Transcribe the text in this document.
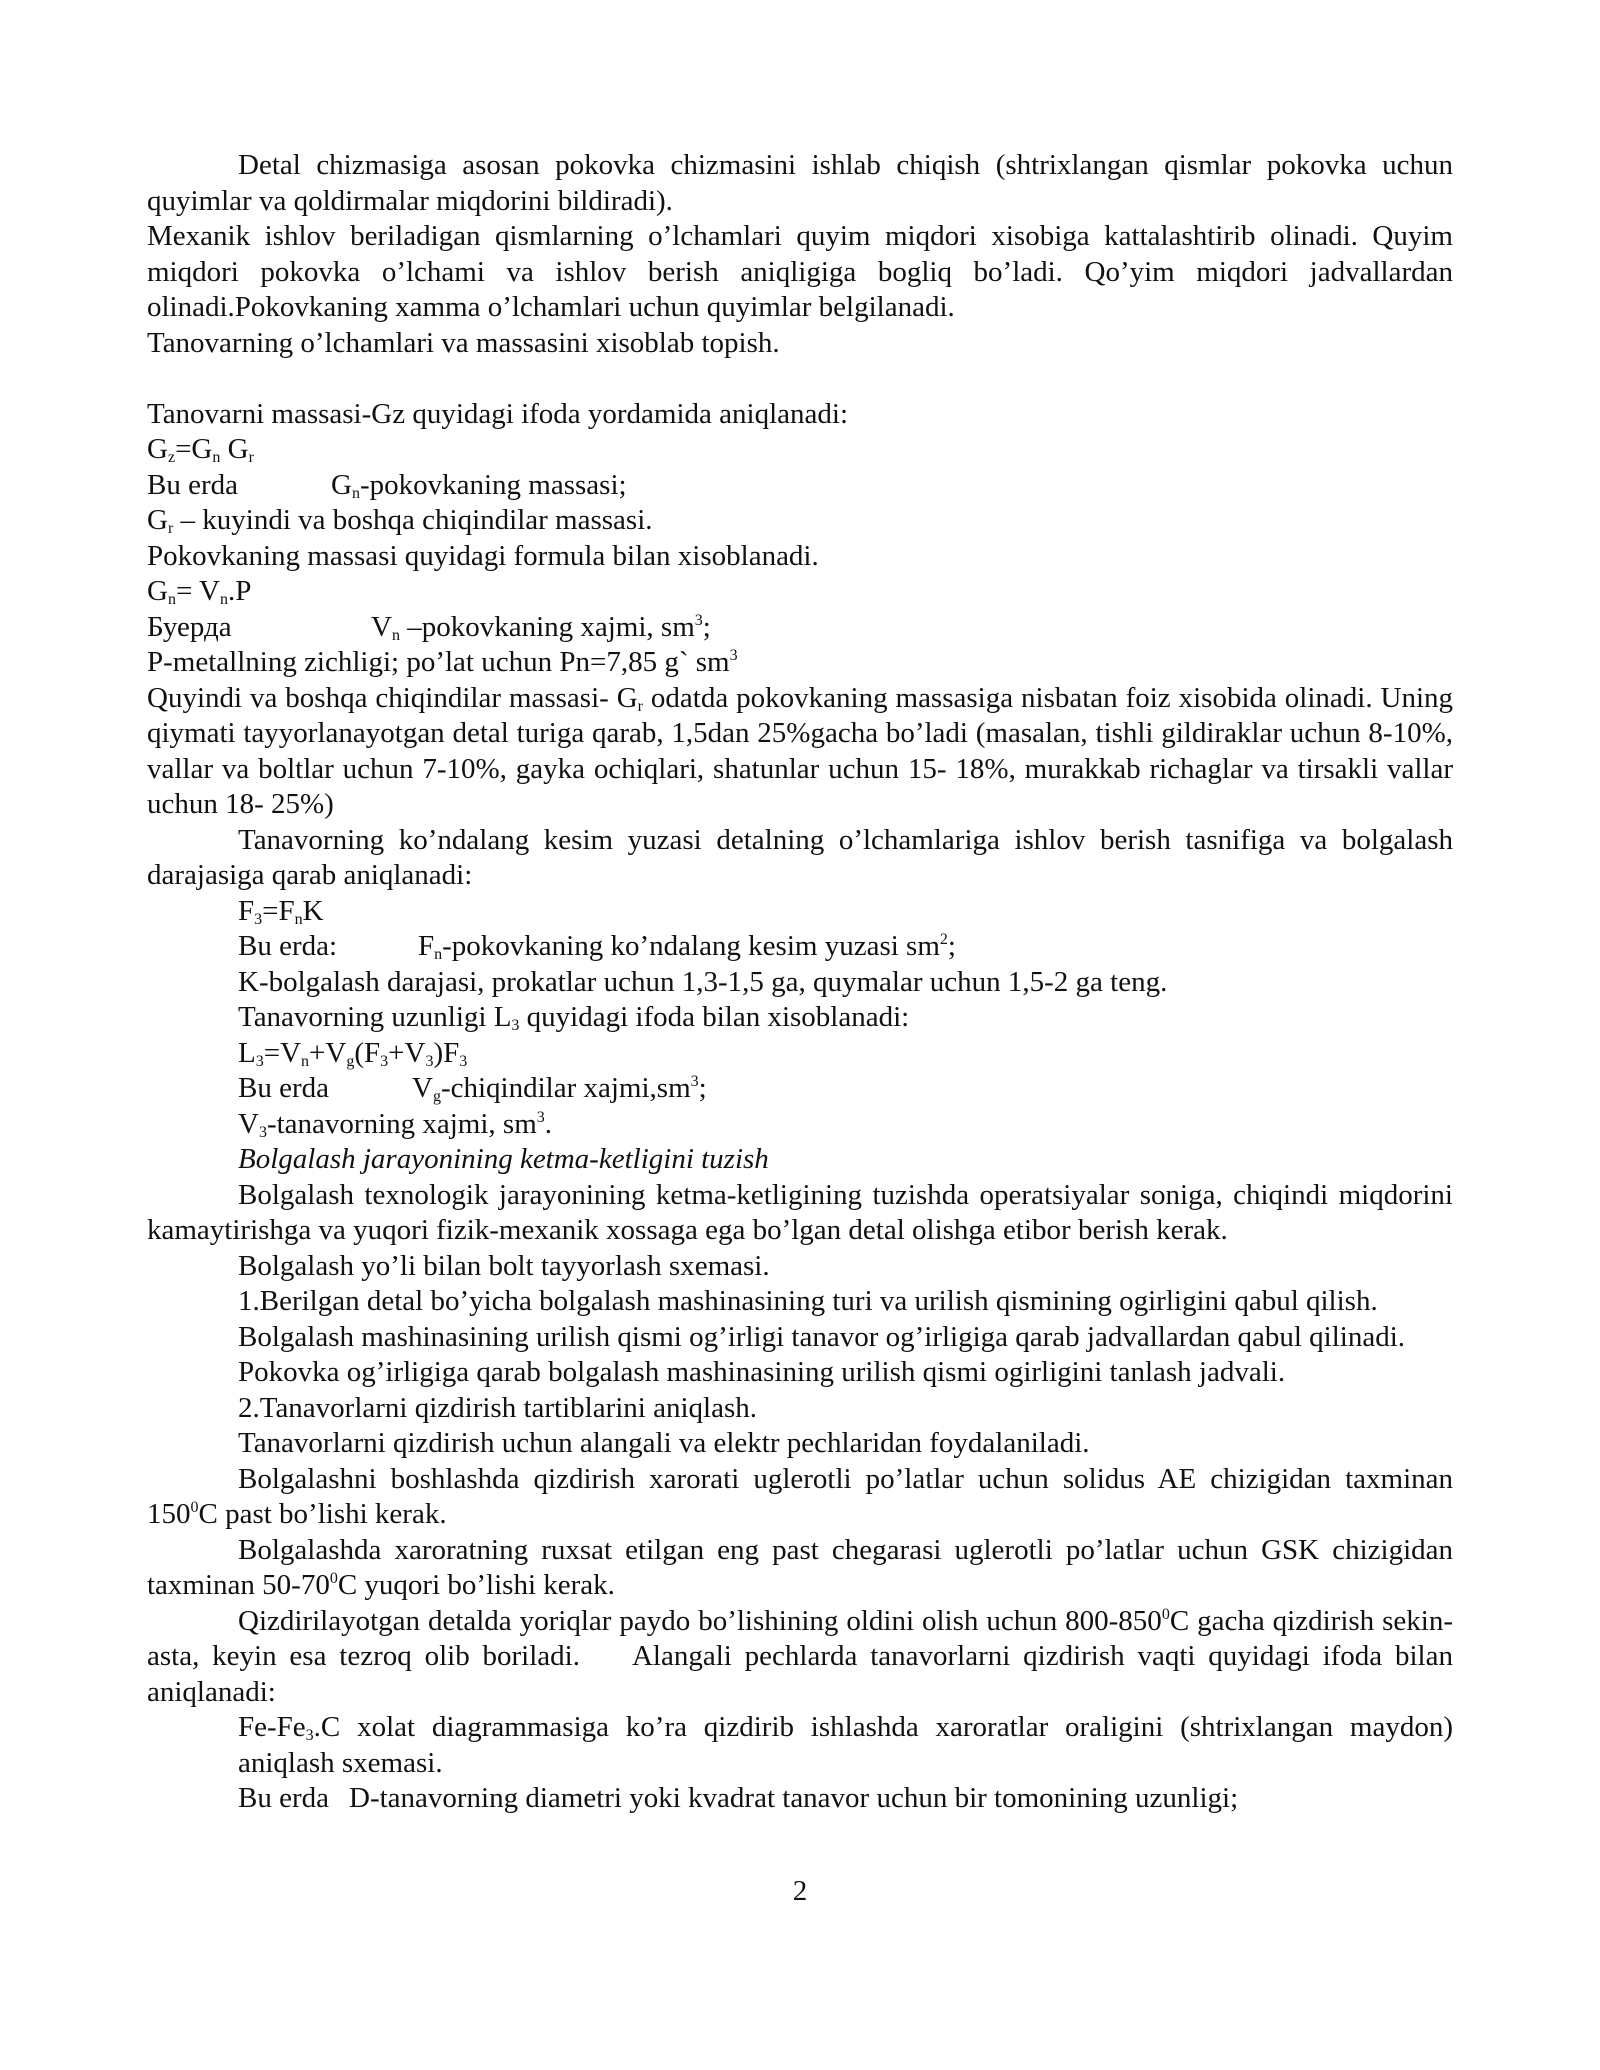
Detal chizmasiga asosan pokovka chizmasini ishlab chiqish (shtrixlangan qismlar pokovka uchun quyimlar va qoldirmalar miqdorini bildiradi).

Mexanik ishlov beriladigan qismlarning o’lchamlari quyim miqdori xisobiga kattalashtirib olinadi. Quyim miqdori pokovka o’lchami va ishlov berish aniqligiga bogliq bo’ladi. Qo’yim miqdori jadvallardan olinadi.Pokovkaning xamma o’lchamlari uchun quyimlar belgilanadi.

Tanovarning o’lchamlari va massasini xisoblab topish.

Tanovarni massasi-Gz quyidagi ifoda yordamida aniqlanadi:

$G_z=G_n$ $G_r$

Bu erda	$G_n$-pokovkaning massasi;

$G_r$ – kuyindi va boshqa chiqindilar massasi.

Pokovkaning massasi quyidagi formula bilan xisoblanadi.

$G_n= V_n.P$

Буерда	$V_n$ –pokovkaning xajmi, $sm^3$;

P-metallning zichligi; po’lat uchun Pn=7,85 g` $sm^3$

Quyindi va boshqa chiqindilar massasi- $G_r$ odatda pokovkaning massasiga nisbatan foiz xisobida olinadi. Uning qiymati tayyorlanayotgan detal turiga qarab, 1,5dan 25%gacha bo’ladi (masalan, tishli gildiraklar uchun 8-10%, vallar va boltlar uchun 7-10%, gayka ochiqlari, shatunlar uchun 15- 18%, murakkab richaglar va tirsakli vallar uchun 18- 25%)

Tanavorning ko’ndalang kesim yuzasi detalning o’lchamlariga ishlov berish tasnifiga va bolgalash darajasiga qarab aniqlanadi:

$F_3=F_nK$

Bu erda:	$F_n$-pokovkaning ko’ndalang kesim yuzasi $sm^2$;

K-bolgalash darajasi, prokatlar uchun 1,3-1,5 ga, quymalar uchun 1,5-2 ga teng.

Tanavorning uzunligi $L_3$ quyidagi ifoda bilan xisoblanadi:

$L_3=V_n+V_g(F_3+V_3)F_3$

Bu erda	$V_g$-chiqindilar $xajmi,sm^3$;

$V_3$-tanavorning xajmi, $sm^3$.

Bolgalash jarayonining ketma-ketligini tuzish

Bolgalash texnologik jarayonining ketma-ketligining tuzishda operatsiyalar soniga, chiqindi miqdorini kamaytirishga va yuqori fizik-mexanik xossaga ega bo’lgan detal olishga etibor berish kerak.

Bolgalash yo’li bilan bolt tayyorlash sxemasi.

1.Berilgan detal bo’yicha bolgalash mashinasining turi va urilish qismining ogirligini qabul qilish.

Bolgalash mashinasining urilish qismi og’irligi tanavor og’irligiga qarab jadvallardan qabul qilinadi.

Pokovka og’irligiga qarab bolgalash mashinasining urilish qismi ogirligini tanlash jadvali.

2.Tanavorlarni qizdirish tartiblarini aniqlash.

Tanavorlarni qizdirish uchun alangali va elektr pechlaridan foydalaniladi.

Bolgalashni boshlashda qizdirish xarorati uglerotli po’latlar uchun solidus AE chizigidan taxminan $150^0C$ past bo’lishi kerak.

Bolgalashda xaroratning ruxsat etilgan eng past chegarasi uglerotli po’latlar uchun GSK chizigidan taxminan $50-70^0C$ yuqori bo’lishi kerak.

Qizdirilayotgan detalda yoriqlar paydo bo’lishining oldini olish uchun $800-850^0C$ gacha qizdirish sekin-asta, keyin esa tezroq olib boriladi. Alangali pechlarda tanavorlarni qizdirish vaqti quyidagi ifoda bilan aniqlanadi:

$Fe-Fe_3.C$ xolat diagrammasiga ko’ra qizdirib ishlashda xaroratlar oraligini (shtrixlangan maydon) aniqlash sxemasi.

Bu erda D-tanavorning diametri yoki kvadrat tanavor uchun bir tomonining uzunligi;

2
